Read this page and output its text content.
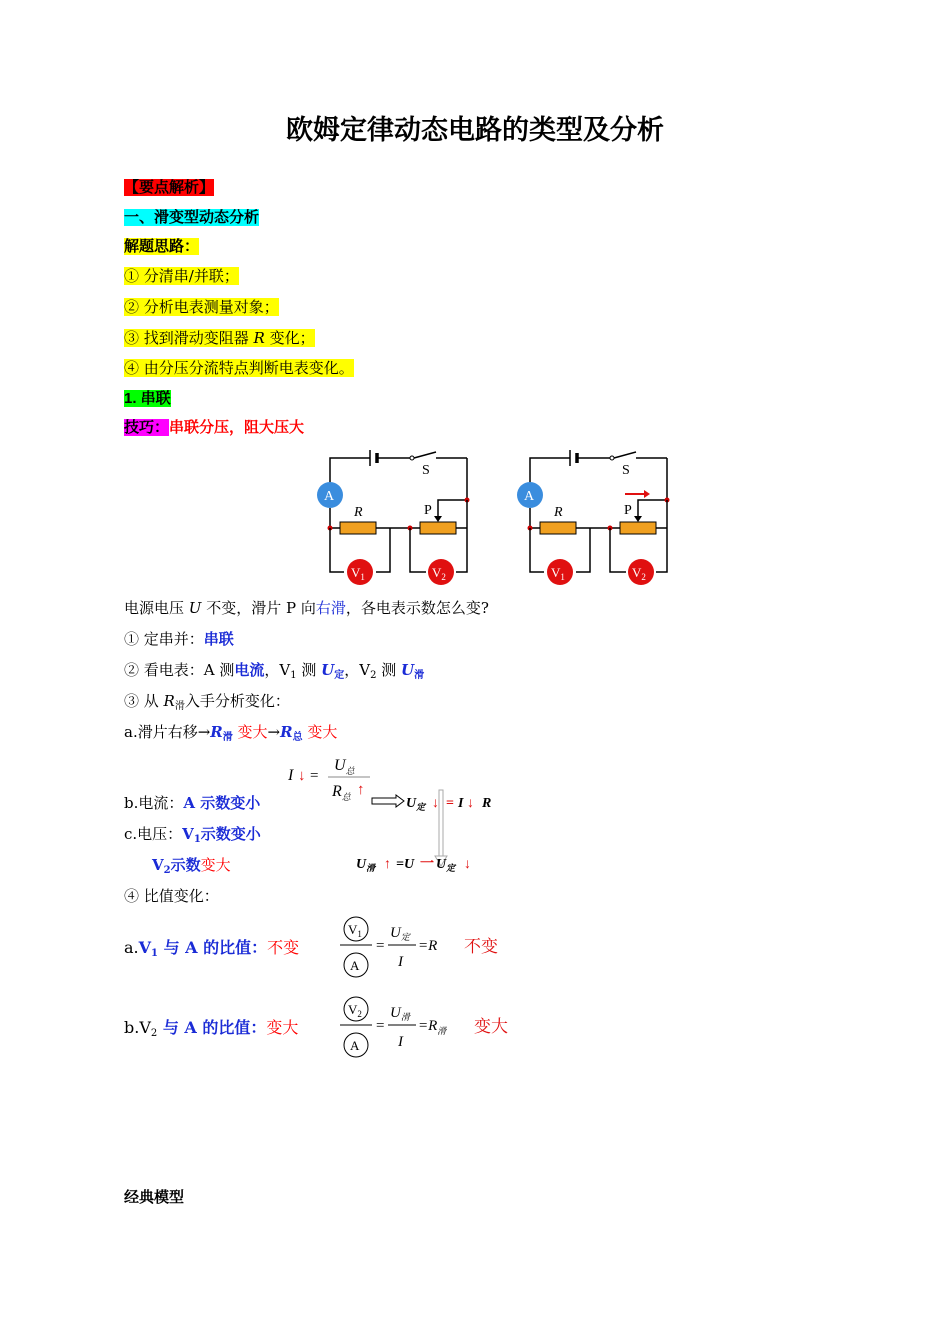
欧姆定律动态电路的类型及分析
【要点解析】
一、滑变型动态分析
解题思路：
① 分清串/并联；
② 分析电表测量对象；
③ 找到滑动变阻器 R 变化；
④ 由分压分流特点判断电表变化。
1. 串联
技巧：串联分压，阻大压大
S
A
R	P
$V_1$	$V_2$
S
A
R	P
$V_1$	$V_2$
电源电压 U 不变，滑片 P 向右滑，各电表示数怎么变?
① 定串并：串联
② 看电表：A 测电流，$V_1$ 测 $U_定$，$V_2$ 测 $U_滑$
③ 从 $R_滑$入手分析变化：
a.滑片右移$\to R_滑$ 变大$\to R_总$ 变大
b.电流：A 示数变小
c.电压：$V_1$示数变小
$V_2$示数变大
I ↓ =
$U_总$
$R_总$ ↑
$U_定$ ↓ = I ↓ R
$U_滑$ ↑ =U 一 $U_定$ ↓
④ 比值变化：
$a.V_1$ 与 A 的比值：不变
$V_1$
A
=
$U_定$
I
=R 不变
$b.V_2$ 与 A 的比值：变大
$V_2$
A
=
$U_滑$
I
$=R_滑$ 变大
经典模型
